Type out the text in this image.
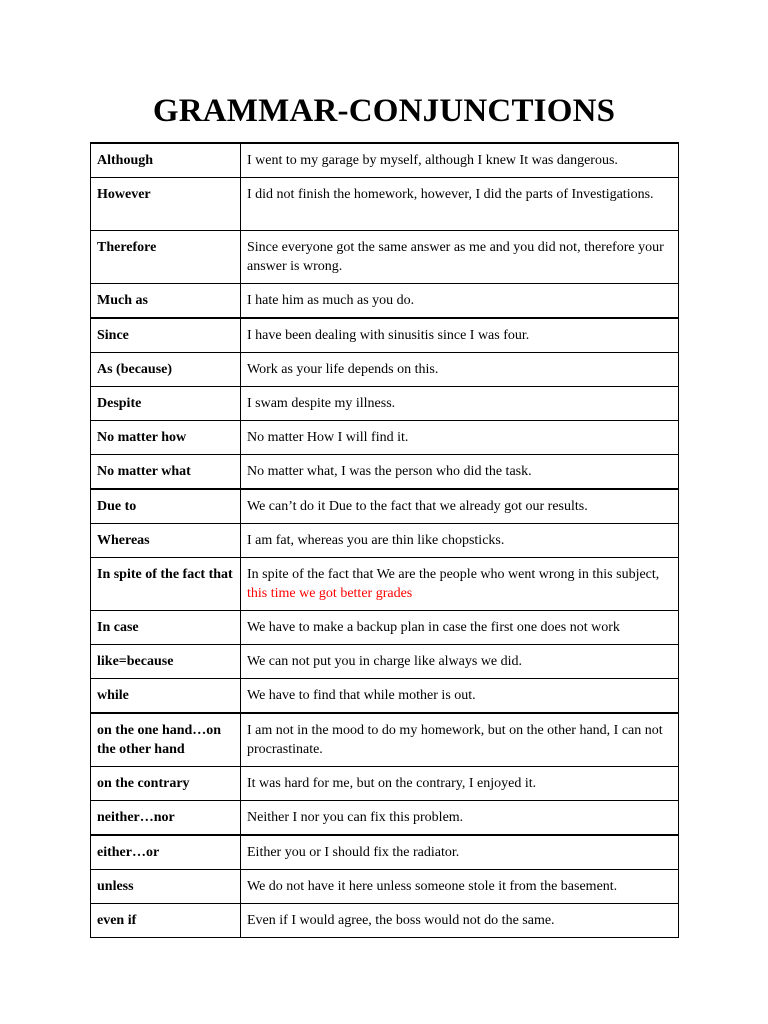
GRAMMAR-CONJUNCTIONS
Although	I went to my garage by myself, although I knew It was dangerous.
However	I did not finish the homework, however, I did the parts of Investigations.
Therefore	Since everyone got the same answer as me and you did not, therefore your answer is wrong.
Much as	I hate him as much as you do.
Since	I have been dealing with sinusitis since I was four.
As (because)	Work as your life depends on this.
Despite	I swam despite my illness.
No matter how	No matter How I will find it.
No matter what	No matter what, I was the person who did the task.
Due to	We can’t do it Due to the fact that we already got our results.
Whereas	I am fat, whereas you are thin like chopsticks.
In spite of the fact that	In spite of the fact that We are the people who went wrong in this subject, this time we got better grades
In case	We have to make a backup plan in case the first one does not work
like=because	We can not put you in charge like always we did.
while	We have to find that while mother is out.
on the one hand…on the other hand	I am not in the mood to do my homework, but on the other hand, I can not procrastinate.
on the contrary	It was hard for me, but on the contrary, I enjoyed it.
neither…nor	Neither I nor you can fix this problem.
either…or	Either you or I should fix the radiator.
unless	We do not have it here unless someone stole it from the basement.
even if	Even if I would agree, the boss would not do the same.
